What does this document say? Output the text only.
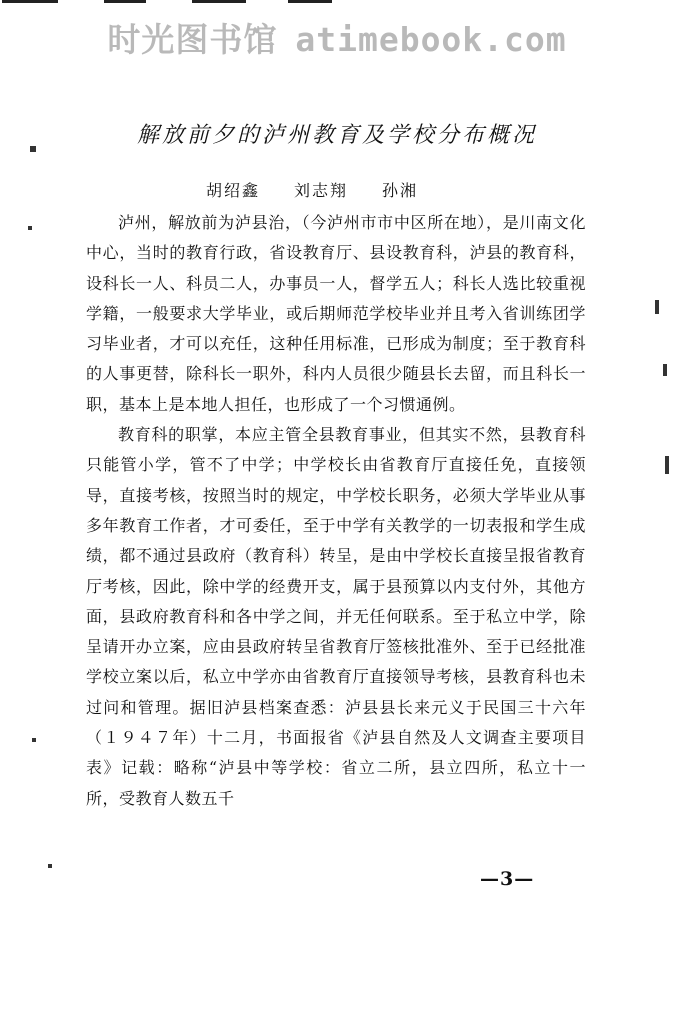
时光图书馆 atimebook.com
解放前夕的泸州教育及学校分布概况
胡绍鑫 刘志翔 孙湘

泸州，解放前为泸县治，（今泸州市市中区所在地），是川南文化中心，当时的教育行政，省设教育厅、县设教育科，泸县的教育科，设科长一人、科员二人，办事员一人，督学五人；科长人选比较重视学籍，一般要求大学毕业，或后期师范学校毕业并且考入省训练团学习毕业者，才可以充任，这种任用标准，已形成为制度；至于教育科的人事更替，除科长一职外，科内人员很少随县长去留，而且科长一职，基本上是本地人担任，也形成了一个习惯通例。

教育科的职掌，本应主管全县教育事业，但其实不然，县教育科只能管小学，管不了中学；中学校长由省教育厅直接任免，直接领导，直接考核，按照当时的规定，中学校长职务，必须大学毕业从事多年教育工作者，才可委任，至于中学有关教学的一切表报和学生成绩，都不通过县政府（教育科）转呈，是由中学校长直接呈报省教育厅考核，因此，除中学的经费开支，属于县预算以内支付外，其他方面，县政府教育科和各中学之间，并无任何联系。至于私立中学，除呈请开办立案，应由县政府转呈省教育厅签核批准外、至于已经批准学校立案以后，私立中学亦由省教育厅直接领导考核，县教育科也未过问和管理。据旧泸县档案查悉：泸县县长来元义于民国三十六年（１９４７年）十二月，书面报省《泸县自然及人文调查主要项目表》记载：略称“泸县中等学校：省立二所，县立四所，私立十一所，受教育人数五千

—3—
